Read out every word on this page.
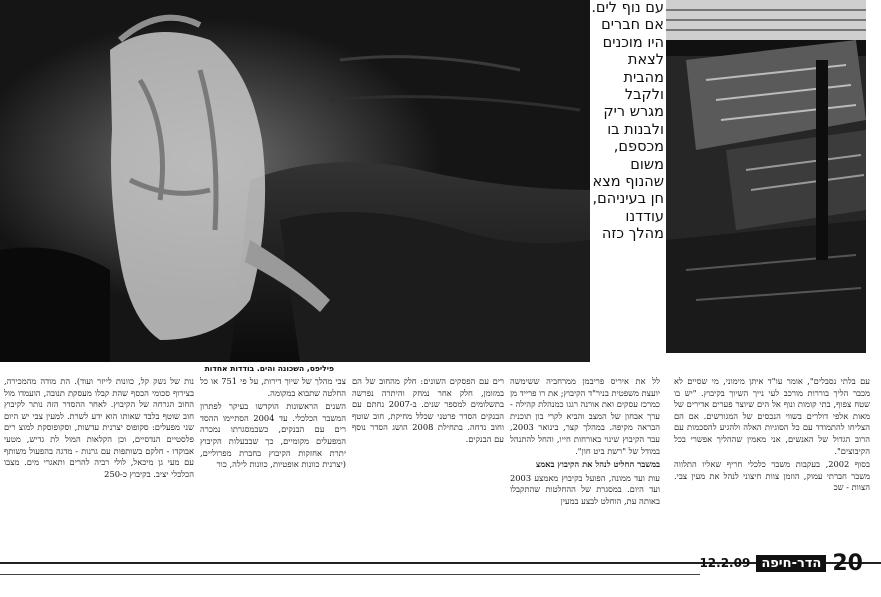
עם נוף לים.
אם חברים
היו מוכנים
לצאת
מהבית
ולקבל
מגרש ריק
ולבנות בו
מכספם,
משום
שהנוף מצא
חן בעיניהם,
עודדנו
מהלך כזה
פיליפס, השכונה והים. בודדות אחדות

עם בלתי נסבלים", אומר עו"ד איתן מימוני, מי שסיים לא מכבר הליך בוררות מורכב לעי נייך השיוך בקיבוץ. "יש בו שטח צפוף, בתי קומות ונוף אל הים שיוצר פערים אדירים של מאות אלפי דולרים בשווי הנכסים של המגורשים. אם הם הצליחו להתמודד עם כל הסוגיות האלה ולהגיע להסכמות עם הרוב הגדול של האנשים, אני מאמין שההליך אפשרי בכל הקיבוצים".

בסוף 2002, בעקבות משבר כלכלי חריף שאליו התלווה משבר חברתי עמוק, הוזמן צוות חיצוני לנהל את מעין צבי. הצוות - שכ

לל את איריס פריבמן ממרחביה ששימשה יועצת משפטית בניר"ד הקיבוץ; את רו פרייד מן כמרכז עסקים ואת אורנה רגגו כמנהלת קהילה - ערך אבחון של המצב והביא לקרי בון תוכנית הבראה מקיפה. במהלך קצר, בינואר 2003, עבר הקיבוץ שינוי באורחות חייו, והחל להתנהל במודל של "רשת ביט חון".

במשבר החליט לנהל את הקיבוץ באמצ

עות ועד ממונה, הפועל בקיבוץ מאמצע 2003 ועד היום. במסגרת של ההחלטות שהתקבלו באותה עת, הוחלט לבצע במעין

רים עם הפסקים השונים: חלק מהחוב של הם במזומן, חלק אחר נמחק והיתרה נפרשה בתשלומים למספר שנים. ב-2007 נחתם עם הבנקים הסדר פרטני שכלל מחיקת, חוב שוטף וחוב נדחה. בתחילת 2008 הושג הסדר נוסף עם הבנקים.

צבי מהלך של שיוך דירות, על פי 751 או כל החלטה שתבוא במקומה.

השנים הראשונות הוקדשו בעיקר לפתרון המשבר הכלכלי. עד 2004 הסתיימו ההסד רים עם הבנקים, כשבמסגרתו נמכרה המפעלים מקומיים, כך שבבעלות הקיבוץ יתרת אחזקות הקיבוץ בחברת מפרוליים, (יצרנית כוונות אופטיות, כוונות לילה, כור

נות של נשק קל, כוונות לייזר ועוד). הת מודה מהמכירה, בצירוף סכומי הכסף שהת קבלו מעסקת תנובה, הועמדו מול החוב הגרחה של הקיבוץ. לאחר ההסדר הזה נותר לקיבוץ חוב שוטף בלבד שאותו הוא ידע לשרת. למעין צבי יש היום שני מפעלים: סקופוס יצרנית עדשות, וסקופוסקת למוצ רים פלסטיים הנדסיים, וכן הקלאות המול לת גדיש, מטעי אבוקדו - חלקם בשותפות עם גרנות - מדגה בהפעול משותף עם מעי גן מיכאל, לולי רביה להרים ותאגרי מים. מצבו הכלכלי יציב. בקיבוץ כ-250

12.2.09 הדר-חיפה 20
